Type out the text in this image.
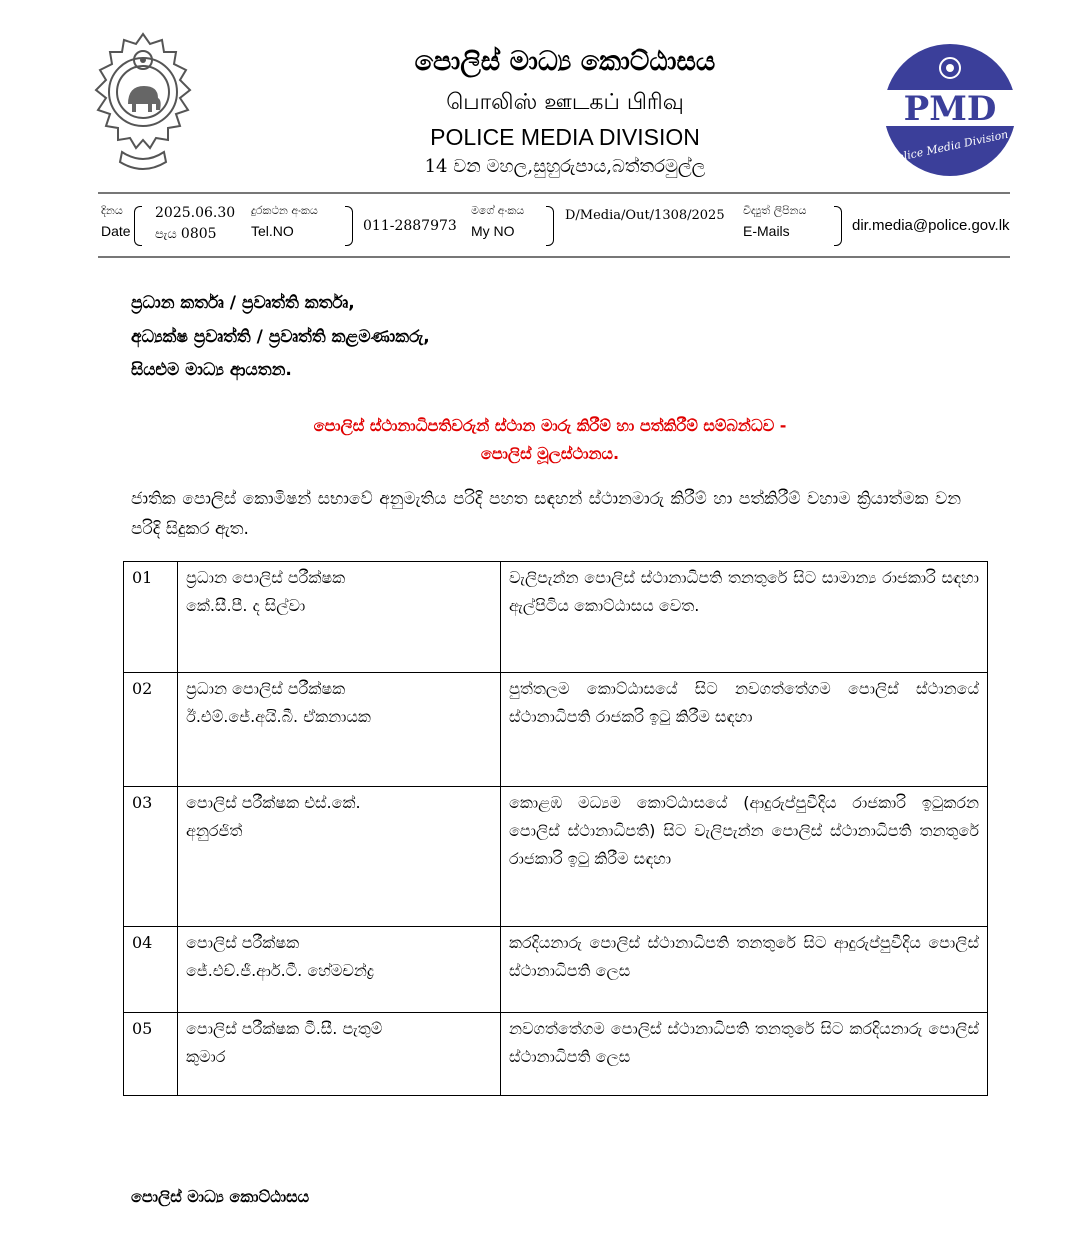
පොලිස් මාධ්‍ය කොට්ඨාසය
பொலிஸ் ஊடகப் பிரிவு
POLICE MEDIA DIVISION
14 වන මහල,සුහුරුපාය,බත්තරමුල්ල
PMD
Police Media Division
දිනය
Date
2025.06.30
පැය 0805
දුරකථන අංකය
Tel.NO	011-2887973
මගේ අංකය
My NO
D/Media/Out/1308/2025 විද්‍යුත් ලිපිනය
E-Mails	dir.media@police.gov.lk
ප්‍රධාන කර්තෘ / ප්‍රවෘත්ති කර්තෘ,
අධ්‍යක්ෂ ප්‍රවෘත්ති / ප්‍රවෘත්ති කළමණාකරු,
සියළුම මාධ්‍ය ආයතන.
පොලිස් ස්ථානාධිපතිවරුන් ස්ථාන මාරු කිරීම් හා පත්කිරීම් සම්බන්ධව -
පොලිස් මූලස්ථානය.
ජාතික පොලිස් කොමිෂන් සභාවේ අනුමැතිය පරිදි පහත සඳහන් ස්ථානමාරු කිරීම් හා පත්කිරීම් වහාම ක්‍රියාත්මක වන පරිදි සිදුකර ඇත.
01	ප්‍රධාන පොලිස් පරීක්ෂක
කේ.සී.පී. ද සිල්වා	වැලිපැන්න පොලිස් ස්ථානාධිපති තනතුරේ සිට සාමාන්‍ය රාජකාරි සඳහා ඇල්පිටිය කොට්ඨාසය වෙත.
02	ප්‍රධාන පොලිස් පරීක්ෂක
ඊ.එම්.ජේ.අයි.බී. ඒකනායක	පුත්තලම කොට්ඨාසයේ සිට නවගත්තේගම පොලිස් ස්ථානයේ ස්ථානාධිපති රාජකරි ඉටු කිරීම සඳහා
03	පොලිස් පරීක්ෂක එස්.කේ.
අනුරජිත්	කොළඹ මධ්‍යම කොට්ඨාසයේ (ආදුරුප්පුවීදිය රාජකාරි ඉටුකරන පොලිස් ස්ථානාධිපති) සිට වැලිපැන්න පොලිස් ස්ථානාධිපති තනතුරේ රාජකාරි ඉටු කිරීම සඳහා
04	පොලිස් පරීක්ෂක
ජේ.එච්.ජී.ආර්.ටී. හේමචන්ද්‍ර	කරදියනාරු පොලිස් ස්ථානාධිපති තනතුරේ සිට ආදුරුප්පුවීදිය පොලිස් ස්ථානාධිපති ලෙස
05	පොලිස් පරීක්ෂක ටී.සී. පැතුම්
කුමාර	නවගත්තේගම පොලිස් ස්ථානාධිපති තනතුරේ සිට කරදියනාරු පොලිස් ස්ථානාධිපති ලෙස
පොලිස් මාධ්‍ය කොට්ඨාසය
